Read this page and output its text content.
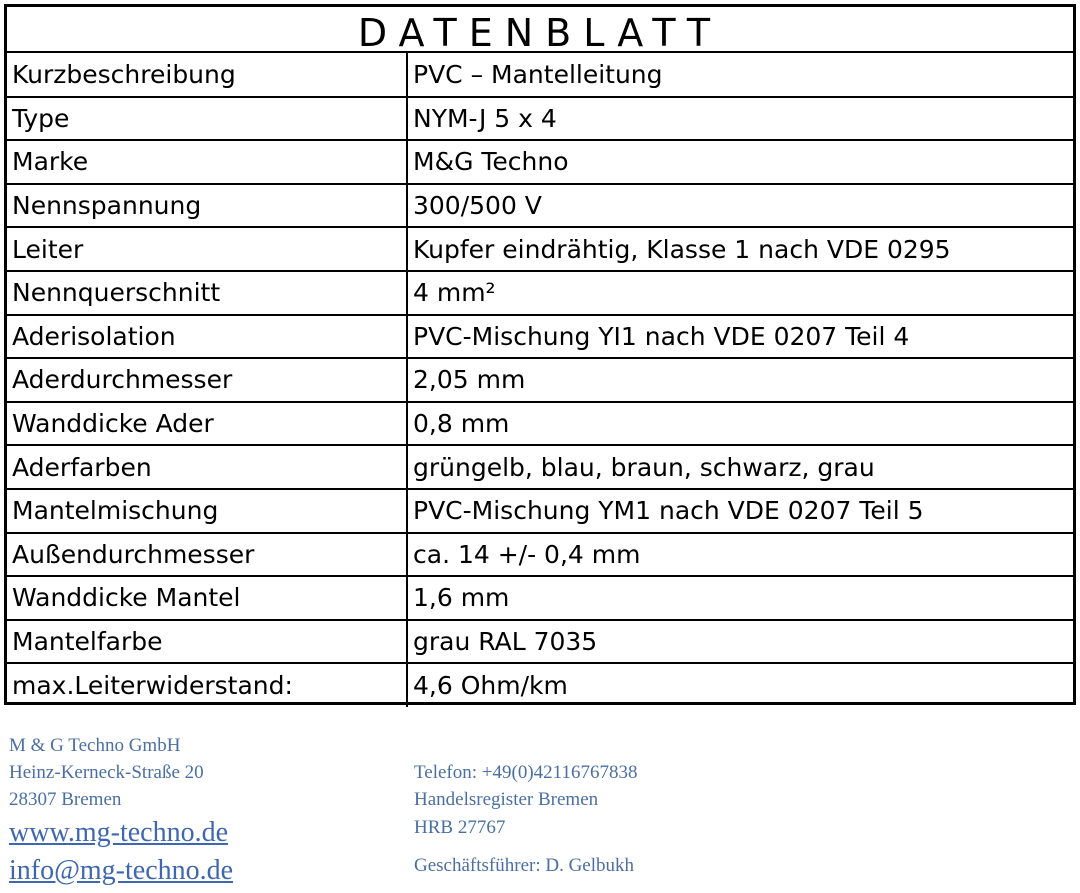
DATENBLATT
Kurzbeschreibung	PVC – Mantelleitung
Type	NYM-J 5 x 4
Marke	M&G Techno
Nennspannung	300/500 V
Leiter	Kupfer eindrähtig, Klasse 1 nach VDE 0295
Nennquerschnitt	4 mm²
Aderisolation	PVC-Mischung YI1 nach VDE 0207 Teil 4
Aderdurchmesser	2,05 mm
Wanddicke Ader	0,8 mm
Aderfarben	grüngelb, blau, braun, schwarz, grau
Mantelmischung	PVC-Mischung YM1 nach VDE 0207 Teil 5
Außendurchmesser	ca. 14 +/- 0,4 mm
Wanddicke Mantel	1,6 mm
Mantelfarbe	grau RAL 7035
max.Leiterwiderstand:	4,6 Ohm/km
M & G Techno GmbH
Heinz-Kerneck-Straße 20
28307 Bremen
www.mg-techno.de
info@mg-techno.de
Telefon: +49(0)42116767838
Handelsregister Bremen
HRB 27767
Geschäftsführer: D. Gelbukh
